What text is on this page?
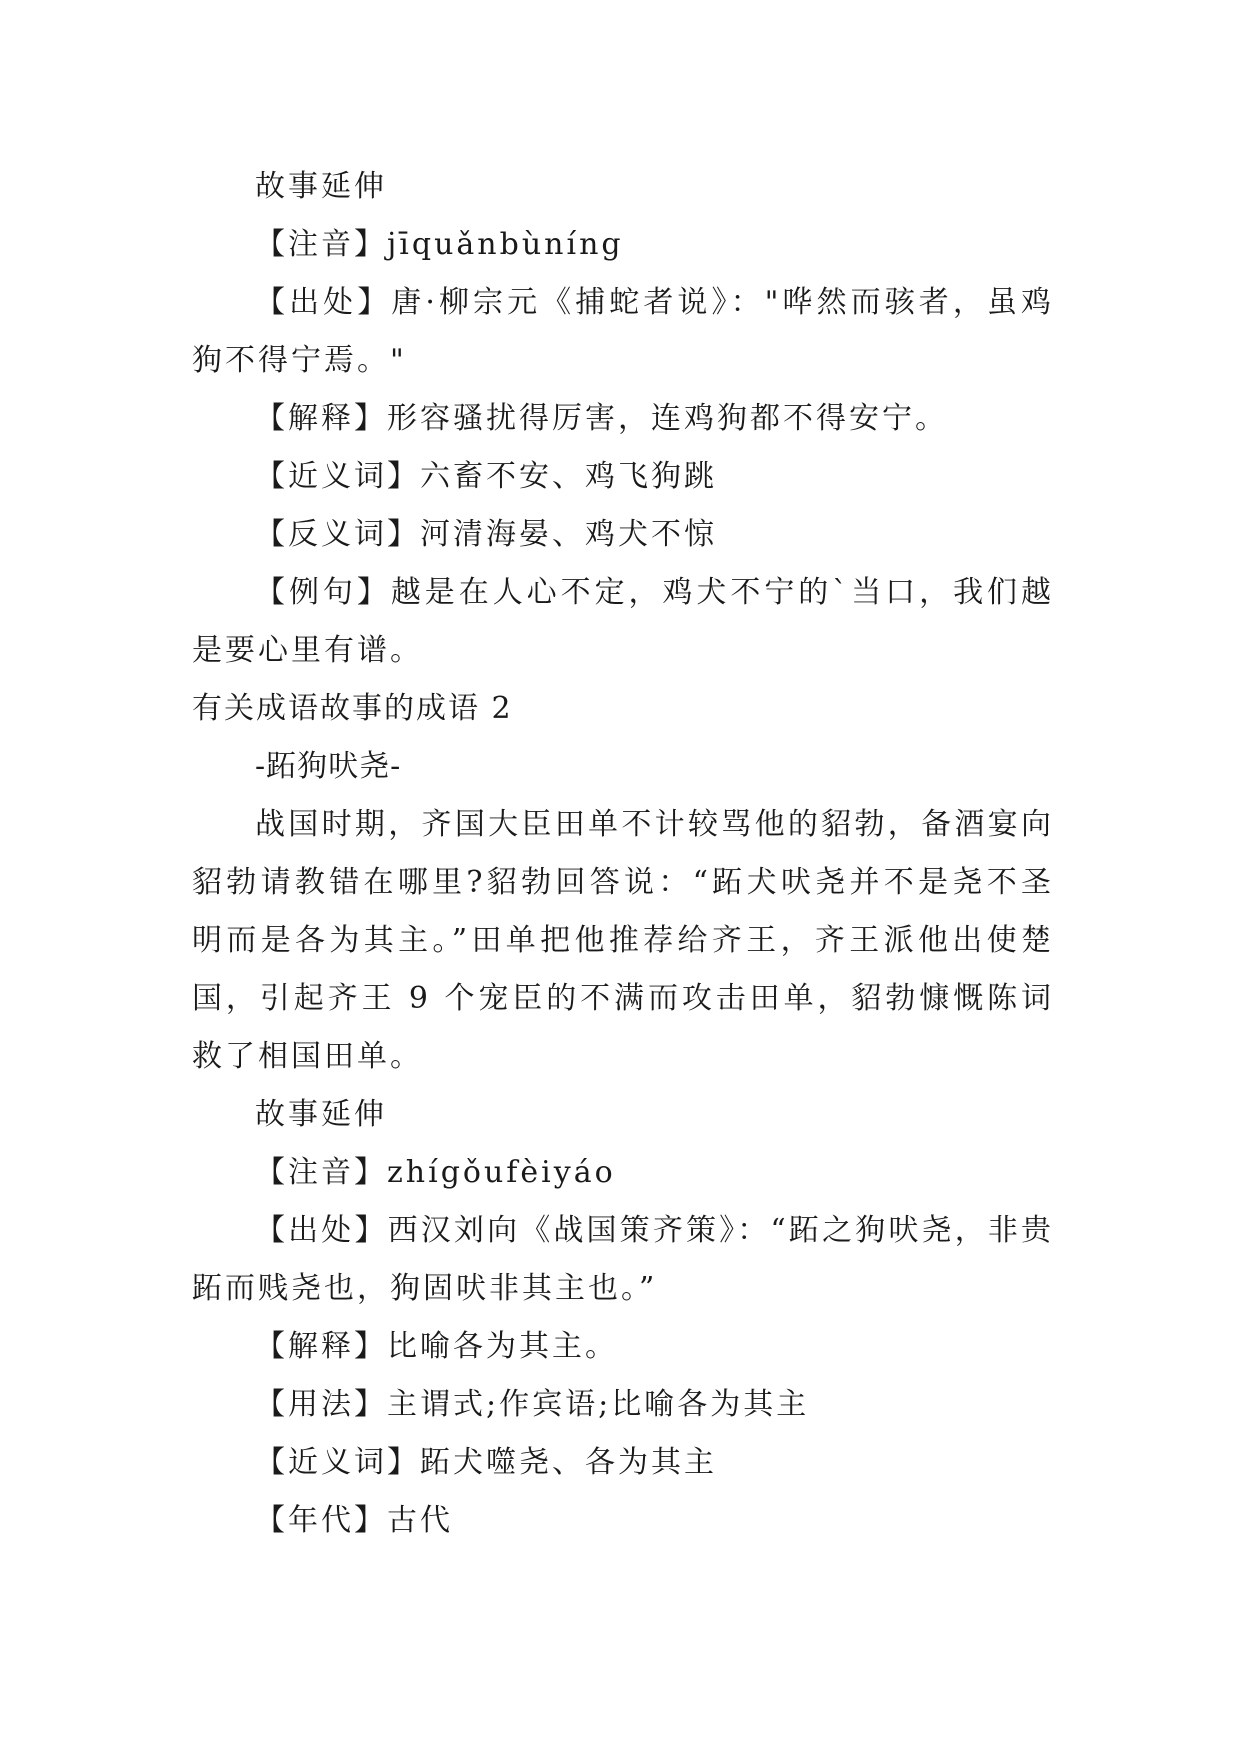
故事延伸

【注音】jīquǎnbùníng

【出处】唐·柳宗元《捕蛇者说》："哗然而骇者，虽鸡狗不得宁焉。"

【解释】形容骚扰得厉害，连鸡狗都不得安宁。

【近义词】六畜不安、鸡飞狗跳

【反义词】河清海晏、鸡犬不惊

【例句】越是在人心不定，鸡犬不宁的`当口，我们越是要心里有谱。

有关成语故事的成语 2

-跖狗吠尧-

战国时期，齐国大臣田单不计较骂他的貂勃，备酒宴向貂勃请教错在哪里?貂勃回答说：“跖犬吠尧并不是尧不圣明而是各为其主。”田单把他推荐给齐王，齐王派他出使楚国，引起齐王 9 个宠臣的不满而攻击田单，貂勃慷慨陈词救了相国田单。

故事延伸

【注音】zhígǒufèiyáo

【出处】西汉刘向《战国策齐策》：“跖之狗吠尧，非贵跖而贱尧也，狗固吠非其主也。”

【解释】比喻各为其主。

【用法】主谓式;作宾语;比喻各为其主

【近义词】跖犬噬尧、各为其主

【年代】古代
